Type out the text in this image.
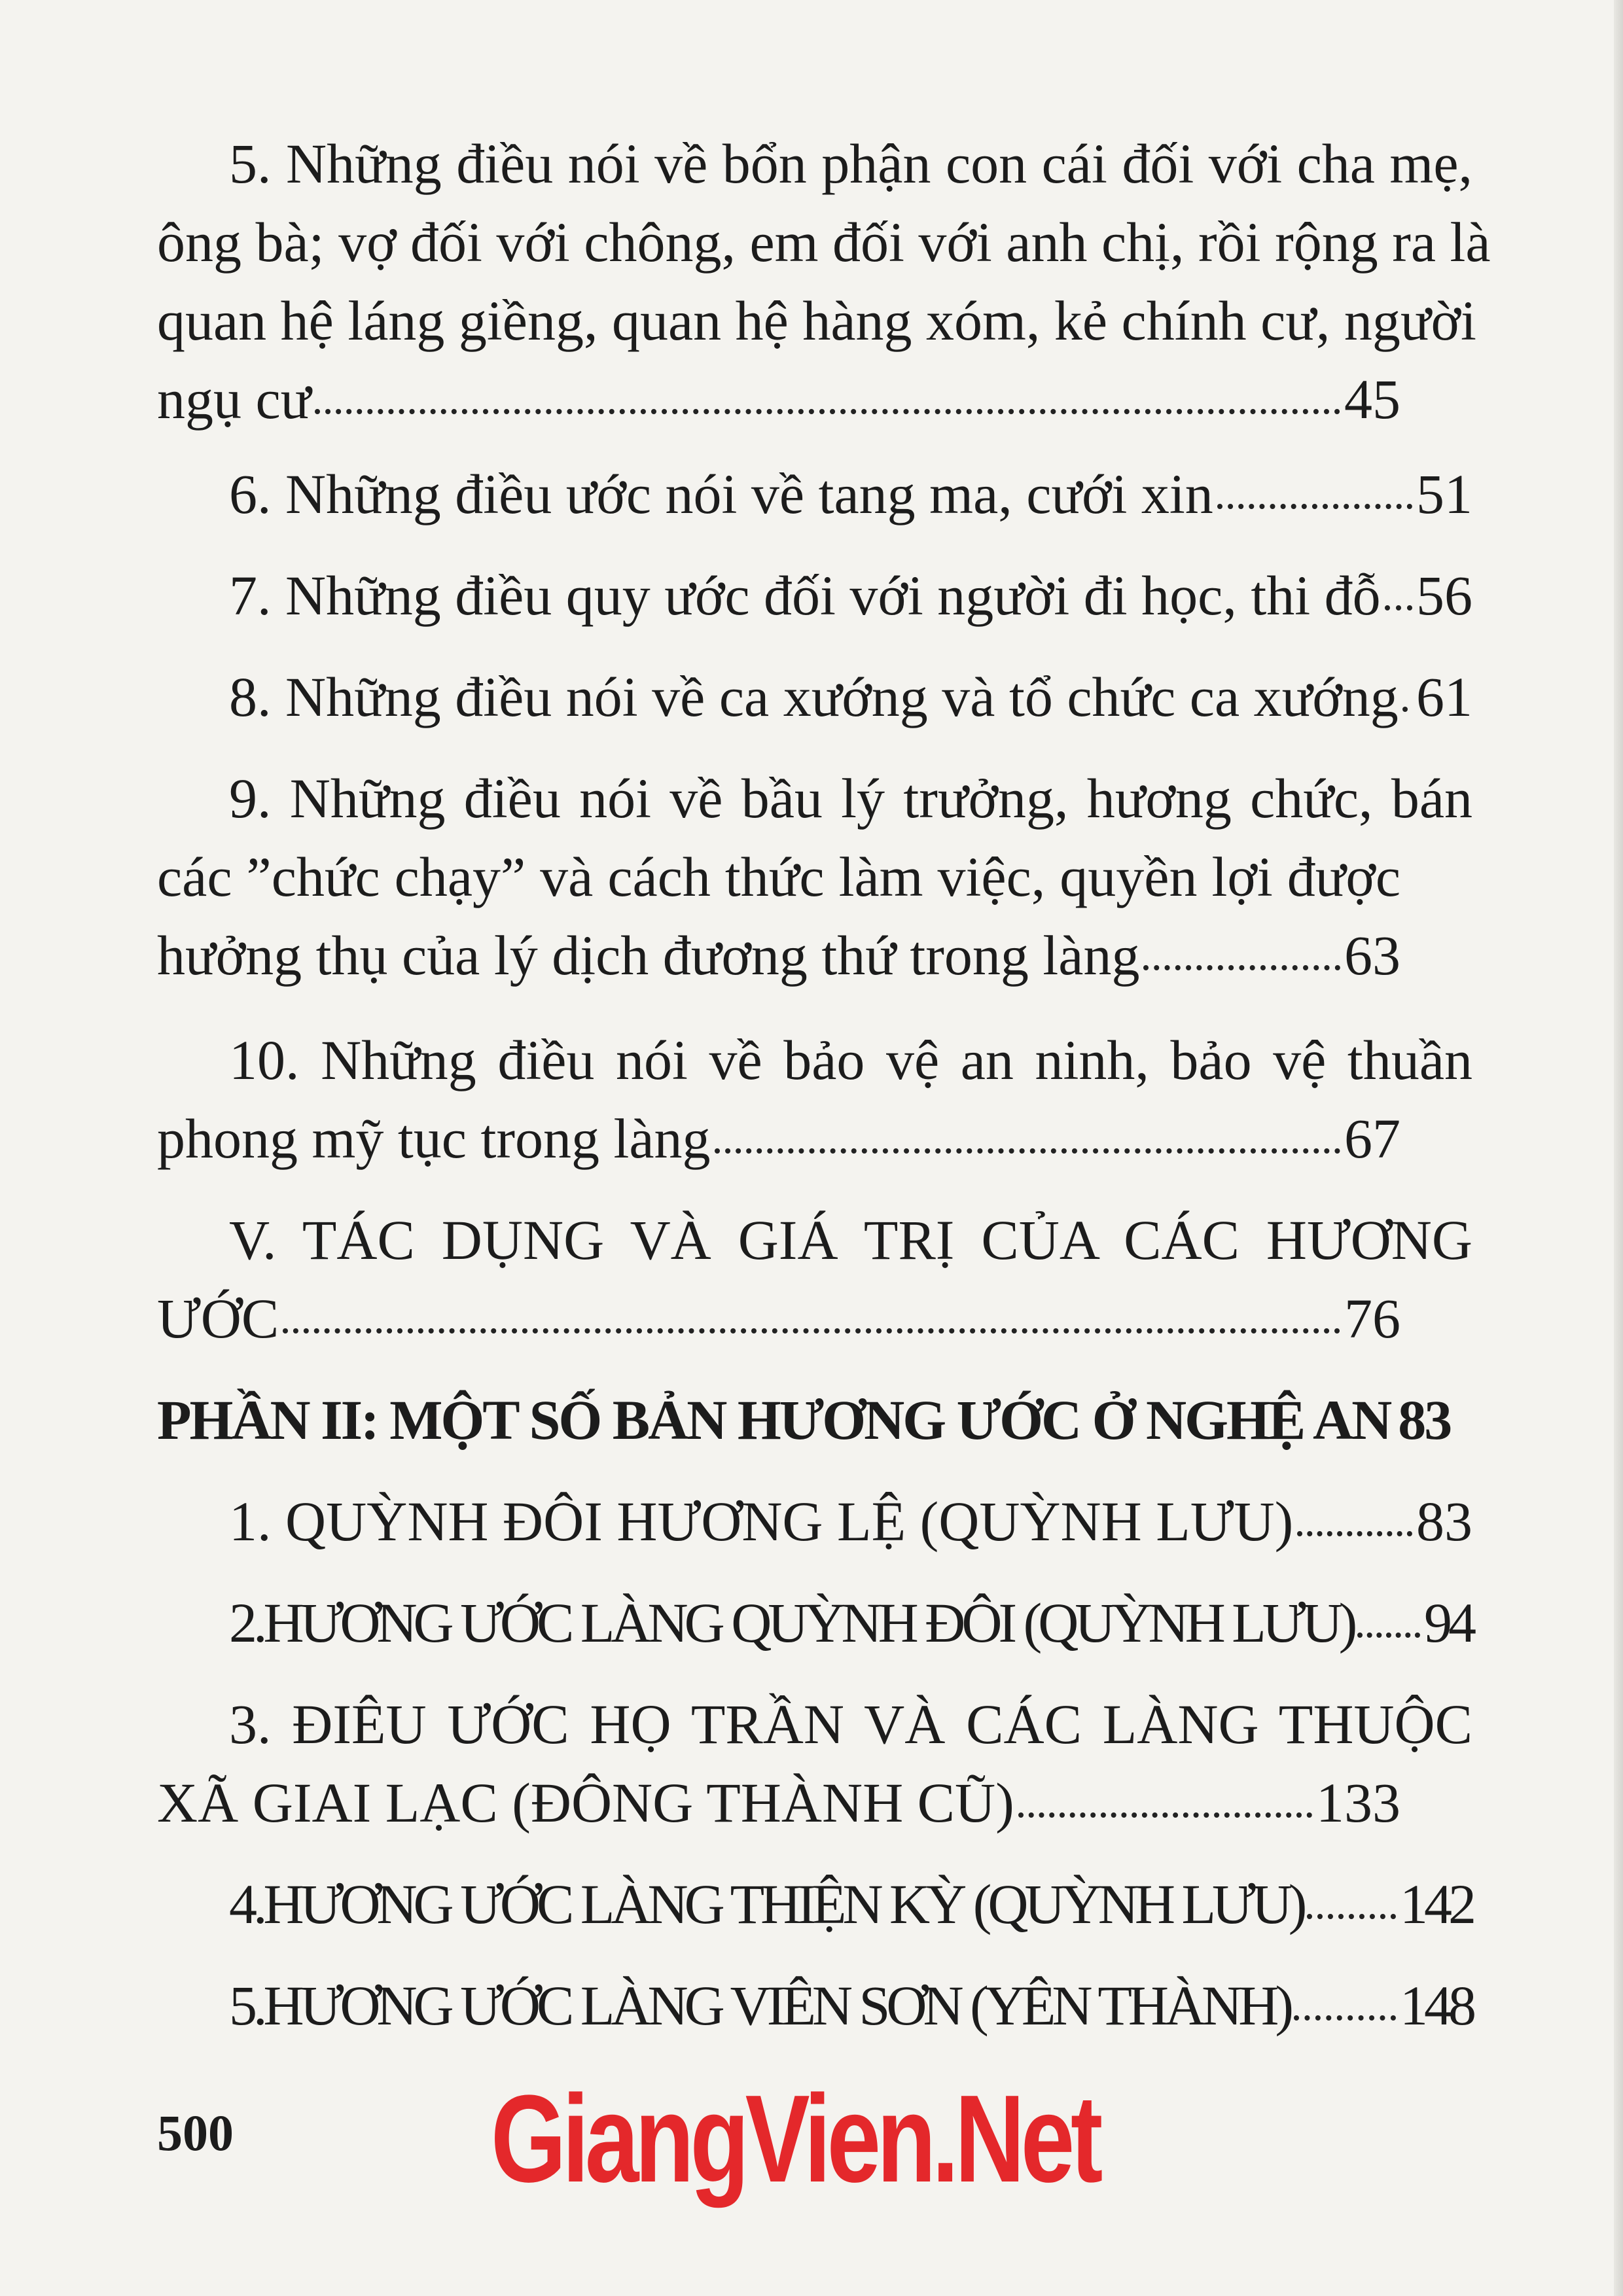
5. Những điều nói về bổn phận con cái đối với cha mẹ,
ông bà; vợ đối với chông, em đối với anh chị, rồi rộng ra là
quan hệ láng giềng, quan hệ hàng xóm, kẻ chính cư, người
ngụ cư	45
6. Những điều ước nói về tang ma, cưới xin	51
7. Những điều quy ước đối với người đi học, thi đỗ 56
8. Những điều nói về ca xướng và tổ chức ca xướng 61
9. Những điều nói về bầu lý trưởng, hương chức, bán
các ”chức chạy” và cách thức làm việc, quyền lợi được
hưởng thụ của lý dịch đương thứ trong làng	63
10. Những điều nói về bảo vệ an ninh, bảo vệ thuần
phong mỹ tục trong làng	67
V. TÁC DỤNG VÀ GIÁ TRỊ CỦA CÁC HƯƠNG
ƯỚC	76
PHẦN II: MỘT SỐ BẢN HƯƠNG ƯỚC Ở NGHỆ AN 83
1. QUỲNH ĐÔI HƯƠNG LỆ (QUỲNH LƯU) 83
2.HƯƠNG ƯỚC LÀNG QUỲNH ĐÔI (QUỲNH LƯU) 94
3. ĐIÊU ƯỚC HỌ TRẦN VÀ CÁC LÀNG THUỘC
XÃ GIAI LẠC (ĐÔNG THÀNH CŨ)	133
4.HƯƠNG ƯỚC LÀNG THIỆN KỲ (QUỲNH LƯU) 142
5.HƯƠNG ƯỚC LÀNG VIÊN SƠN (YÊN THÀNH) 148
500 GiangVien.Net
